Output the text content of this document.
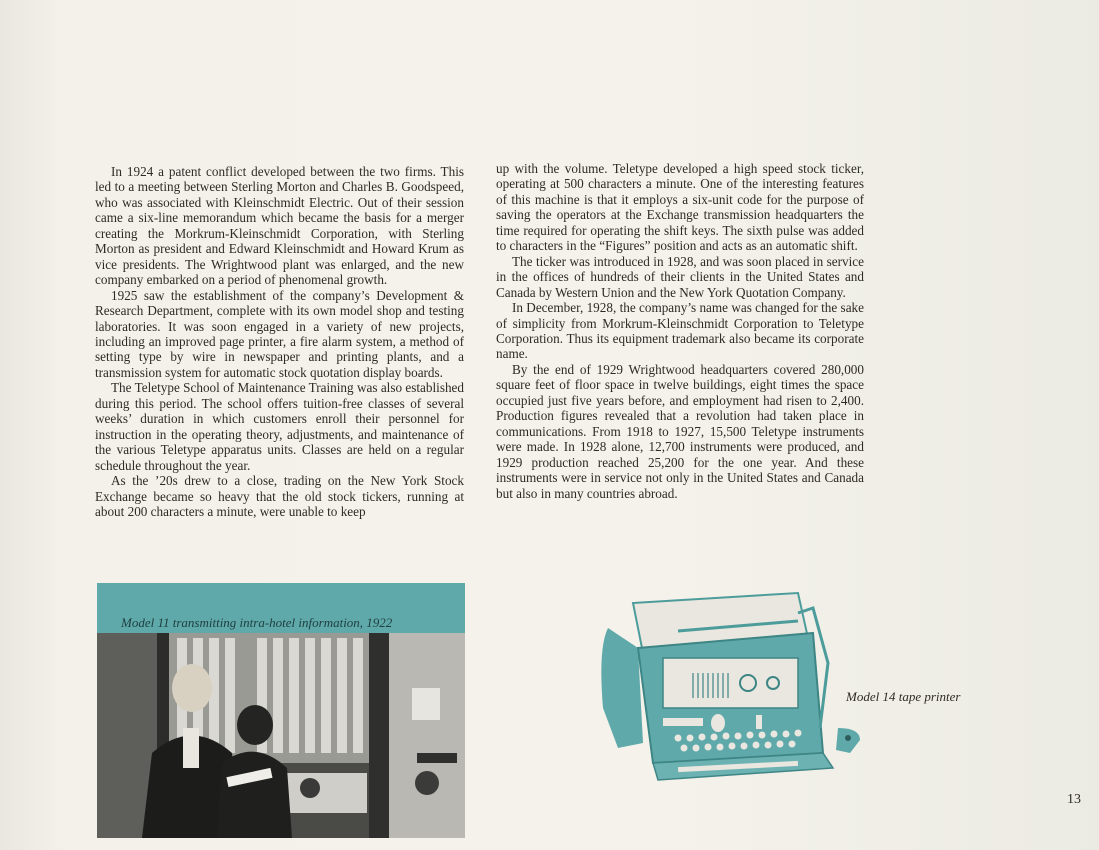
In 1924 a patent conflict developed between the two firms. This led to a meeting between Sterling Morton and Charles B. Goodspeed, who was associated with Kleinschmidt Electric. Out of their session came a six-line memorandum which became the basis for a merger creating the Morkrum-Kleinschmidt Corporation, with Sterling Morton as president and Edward Kleinschmidt and Howard Krum as vice presidents. The Wrightwood plant was enlarged, and the new company embarked on a period of phenomenal growth.

1925 saw the establishment of the company’s Development & Research Department, complete with its own model shop and testing laboratories. It was soon engaged in a variety of new projects, including an improved page printer, a fire alarm system, a method of setting type by wire in newspaper and printing plants, and a transmission system for automatic stock quotation display boards.

The Teletype School of Maintenance Training was also established during this period. The school offers tuition-free classes of several weeks’ duration in which customers enroll their personnel for instruction in the operating theory, adjustments, and maintenance of the various Teletype apparatus units. Classes are held on a regular schedule throughout the year.

As the ’20s drew to a close, trading on the New York Stock Exchange became so heavy that the old stock tickers, running at about 200 characters a minute, were unable to keep

up with the volume. Teletype developed a high speed stock ticker, operating at 500 characters a minute. One of the interesting features of this machine is that it employs a six-unit code for the purpose of saving the operators at the Exchange transmission headquarters the time required for operating the shift keys. The sixth pulse was added to characters in the “Figures” position and acts as an automatic shift.

The ticker was introduced in 1928, and was soon placed in service in the offices of hundreds of their clients in the United States and Canada by Western Union and the New York Quotation Company.

In December, 1928, the company’s name was changed for the sake of simplicity from Morkrum-Kleinschmidt Corporation to Teletype Corporation. Thus its equipment trademark also became its corporate name.

By the end of 1929 Wrightwood headquarters covered 280,000 square feet of floor space in twelve buildings, eight times the space occupied just five years before, and employment had risen to 2,400. Production figures revealed that a revolution had taken place in communications. From 1918 to 1927, 15,500 Teletype instruments were made. In 1928 alone, 12,700 instruments were produced, and 1929 production reached 25,200 for the one year. And these instruments were in service not only in the United States and Canada but also in many countries abroad.

Model 11 transmitting intra-hotel information, 1922
Model 14 tape printer
13
